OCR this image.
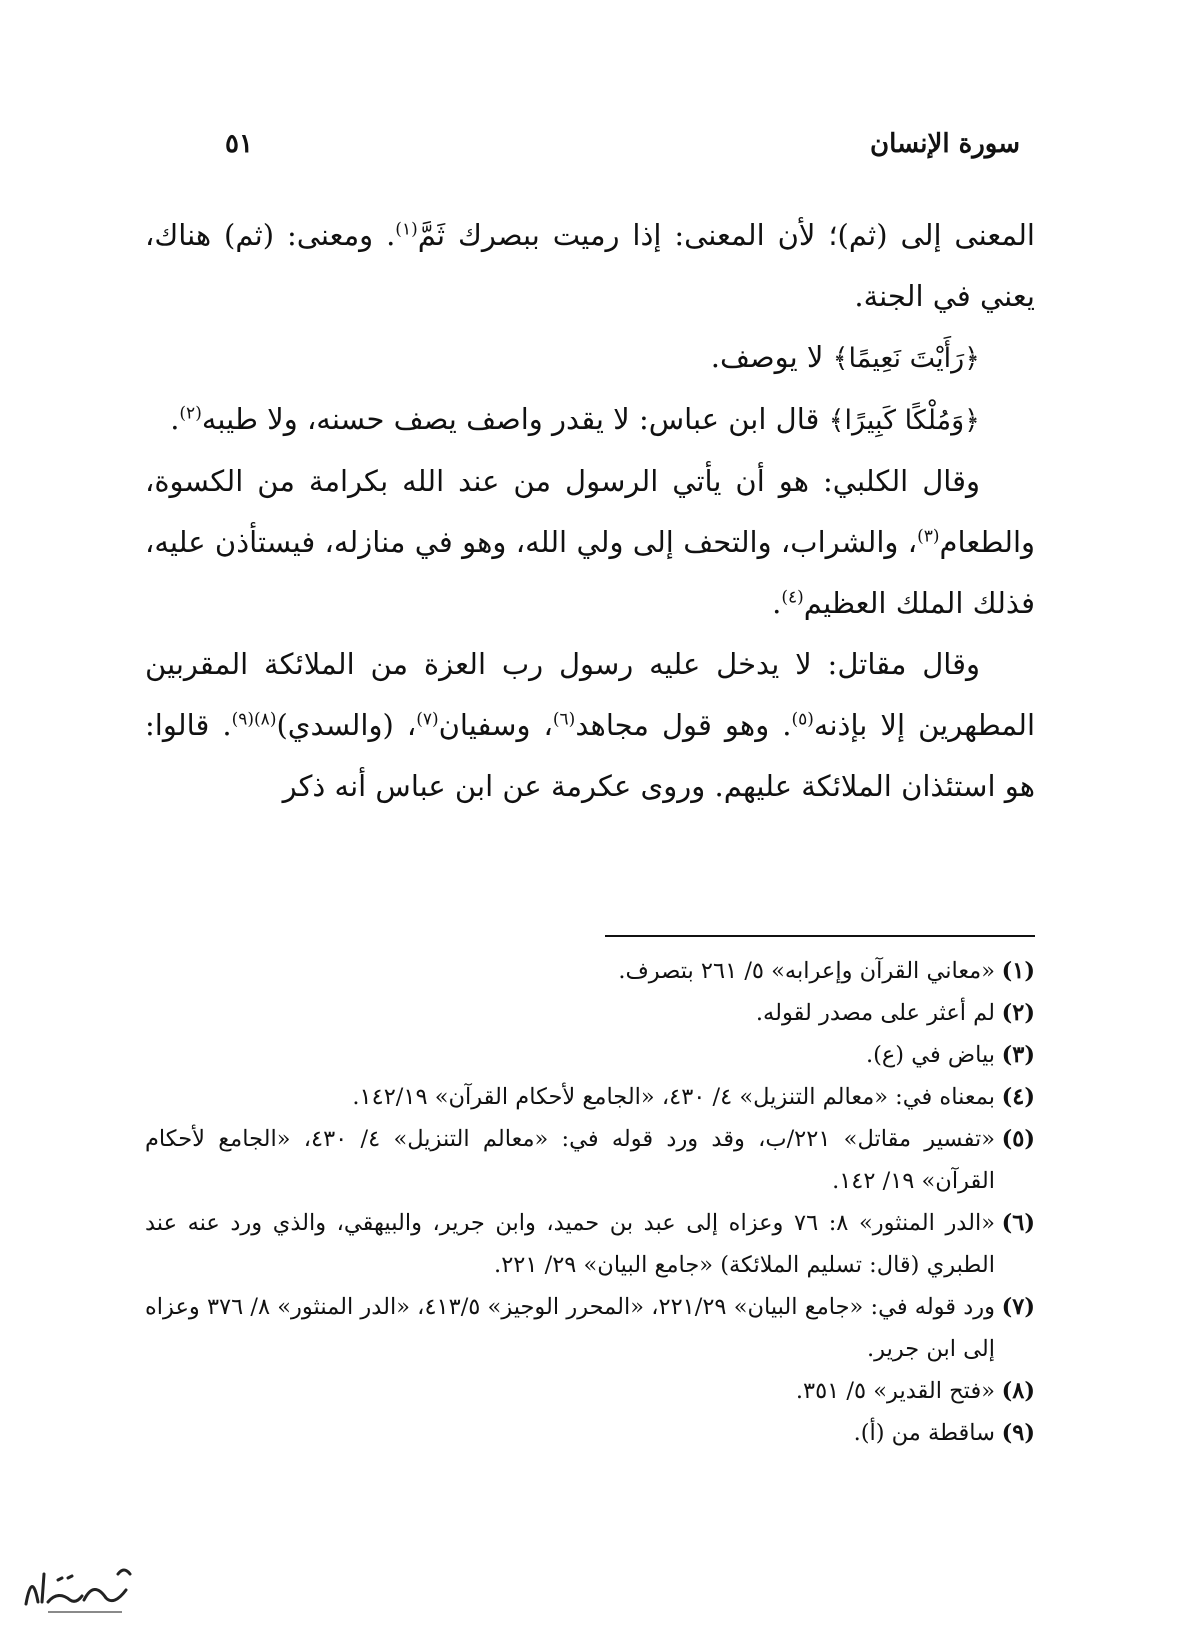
سورة الإنسان
٥١

المعنى إلى (ثم)؛ لأن المعنى: إذا رميت ببصرك ثَمَّ$^{(١)}$. ومعنى: (ثم) هناك، يعني في الجنة.

﴿رَأَيْتَ نَعِيمًا﴾ لا يوصف.

﴿وَمُلْكًا كَبِيرًا﴾ قال ابن عباس: لا يقدر واصف يصف حسنه، ولا طيبه$^{(٢)}$.

وقال الكلبي: هو أن يأتي الرسول من عند الله بكرامة من الكسوة، والطعام$^{(٣)}$، والشراب، والتحف إلى ولي الله، وهو في منازله، فيستأذن عليه، فذلك الملك العظيم$^{(٤)}$.

وقال مقاتل: لا يدخل عليه رسول رب العزة من الملائكة المقربين المطهرين إلا بإذنه$^{(٥)}$. وهو قول مجاهد$^{(٦)}$، وسفيان$^{(٧)}$، (والسدي)$^{(٨)(٩)}$. قالوا: هو استئذان الملائكة عليهم. وروى عكرمة عن ابن عباس أنه ذكر

(١)
«معاني القرآن وإعرابه» ٥/ ٢٦١ بتصرف.
(٢)
لم أعثر على مصدر لقوله.
(٣)
بياض في (ع).
(٤)
بمعناه في: «معالم التنزيل» ٤/ ٤٣٠، «الجامع لأحكام القرآن» ١٤٢/١٩.
(٥)
«تفسير مقاتل» ٢٢١/ب، وقد ورد قوله في: «معالم التنزيل» ٤/ ٤٣٠، «الجامع لأحكام القرآن» ١٩/ ١٤٢.
(٦)
«الدر المنثور» ٨: ٧٦ وعزاه إلى عبد بن حميد، وابن جرير، والبيهقي، والذي ورد عنه عند الطبري (قال: تسليم الملائكة) «جامع البيان» ٢٩/ ٢٢١.
(٧)
ورد قوله في: «جامع البيان» ٢٢١/٢٩، «المحرر الوجيز» ٤١٣/٥، «الدر المنثور» ٨/ ٣٧٦ وعزاه إلى ابن جرير.
(٨)
«فتح القدير» ٥/ ٣٥١.
(٩)
ساقطة من (أ).
